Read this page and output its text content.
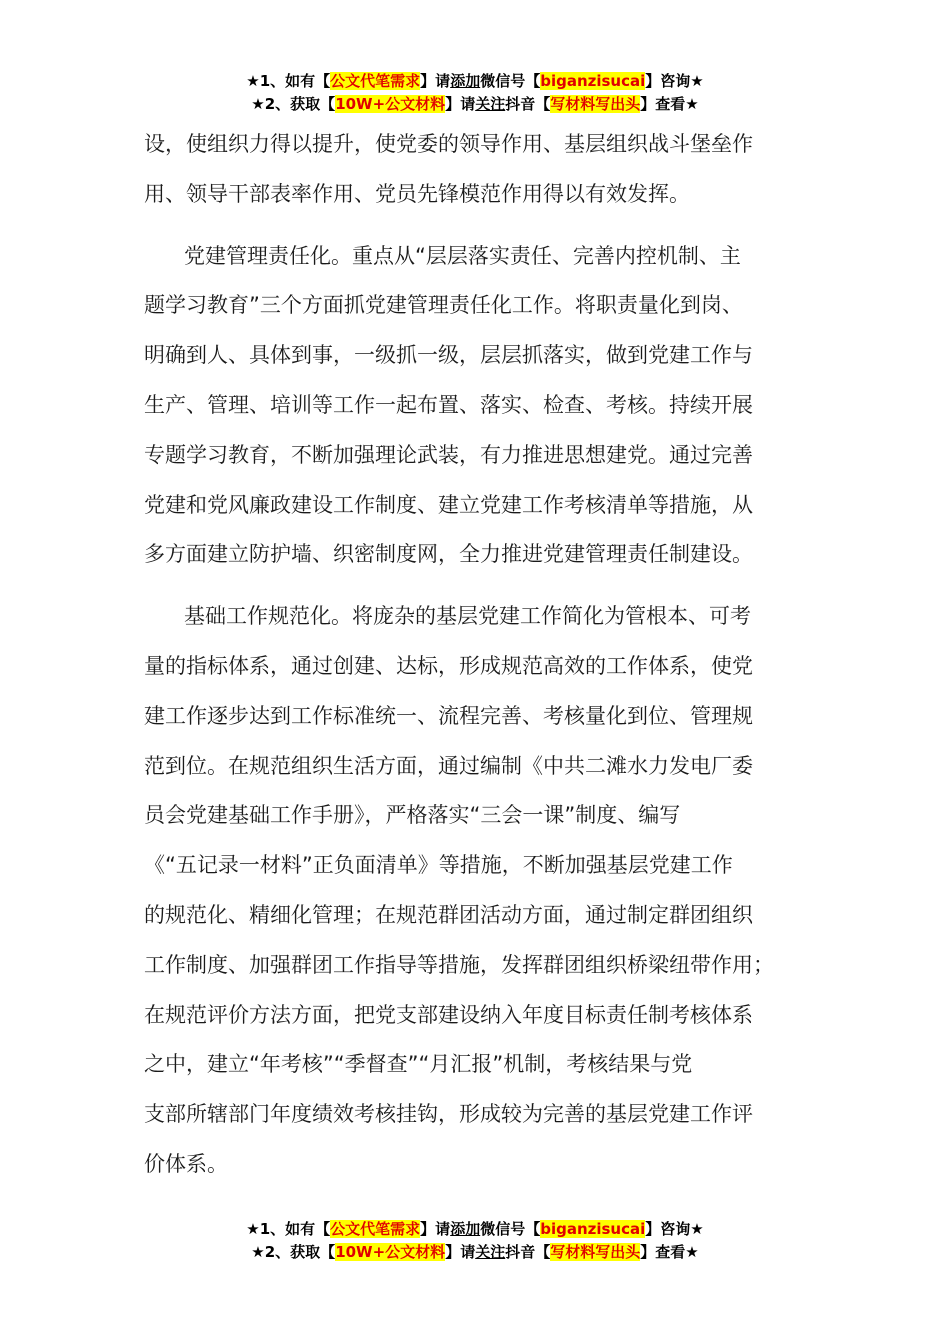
★1、如有【公文代笔需求】请添加微信号【biganzisucai】咨询★
★2、获取【10W+公文材料】请关注抖音【写材料写出头】查看★
设，使组织力得以提升，使党委的领导作用、基层组织战斗堡垒作
用、领导干部表率作用、党员先锋模范作用得以有效发挥。
党建管理责任化。重点从“层层落实责任、完善内控机制、主
题学习教育”三个方面抓党建管理责任化工作。将职责量化到岗、
明确到人、具体到事，一级抓一级，层层抓落实，做到党建工作与
生产、管理、培训等工作一起布置、落实、检查、考核。持续开展
专题学习教育，不断加强理论武装，有力推进思想建党。通过完善
党建和党风廉政建设工作制度、建立党建工作考核清单等措施，从
多方面建立防护墙、织密制度网，全力推进党建管理责任制建设。
基础工作规范化。将庞杂的基层党建工作简化为管根本、可考
量的指标体系，通过创建、达标，形成规范高效的工作体系，使党
建工作逐步达到工作标准统一、流程完善、考核量化到位、管理规
范到位。在规范组织生活方面，通过编制《中共二滩水力发电厂委
员会党建基础工作手册》，严格落实“三会一课”制度、编写
《“五记录一材料”正负面清单》等措施，不断加强基层党建工作
的规范化、精细化管理；在规范群团活动方面，通过制定群团组织
工作制度、加强群团工作指导等措施，发挥群团组织桥梁纽带作用；
在规范评价方法方面，把党支部建设纳入年度目标责任制考核体系
之中，建立“年考核”“季督查”“月汇报”机制，考核结果与党
支部所辖部门年度绩效考核挂钩，形成较为完善的基层党建工作评
价体系。
★1、如有【公文代笔需求】请添加微信号【biganzisucai】咨询★
★2、获取【10W+公文材料】请关注抖音【写材料写出头】查看★
